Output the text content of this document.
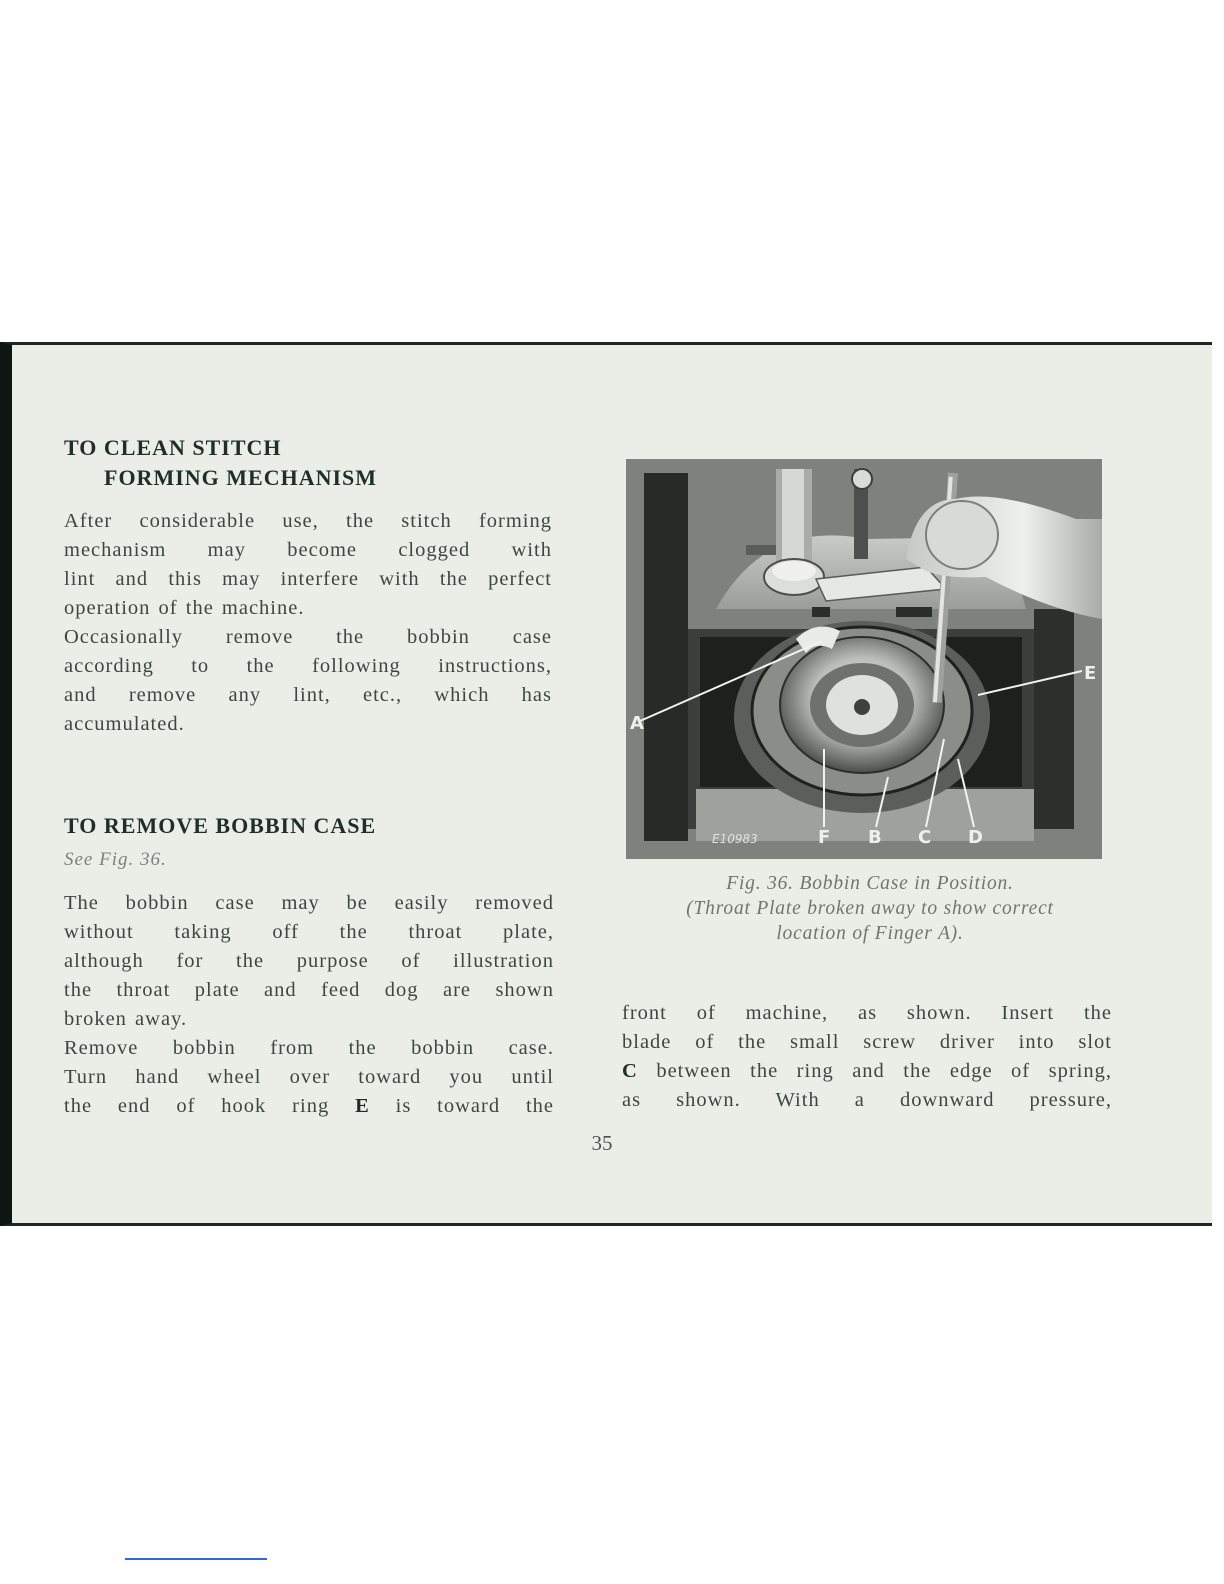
TO CLEAN STITCH
FORMING MECHANISM

After considerable use, the stitch forming
mechanism may become clogged with
lint and this may interfere with the perfect
operation of the machine.
Occasionally remove the bobbin case
according to the following instructions,
and remove any lint, etc., which has
accumulated.

TO REMOVE BOBBIN CASE
See Fig. 36.

The bobbin case may be easily removed
without taking off the throat plate,
although for the purpose of illustration
the throat plate and feed dog are shown
broken away.
Remove bobbin from the bobbin case.
Turn hand wheel over toward you until
the end of hook ring E is toward the

A
E
F B C D
E10983

Fig. 36. Bobbin Case in Position.
(Throat Plate broken away to show correct
location of Finger A).

front of machine, as shown. Insert the
blade of the small screw driver into slot
C between the ring and the edge of spring,
as shown. With a downward pressure,

35
